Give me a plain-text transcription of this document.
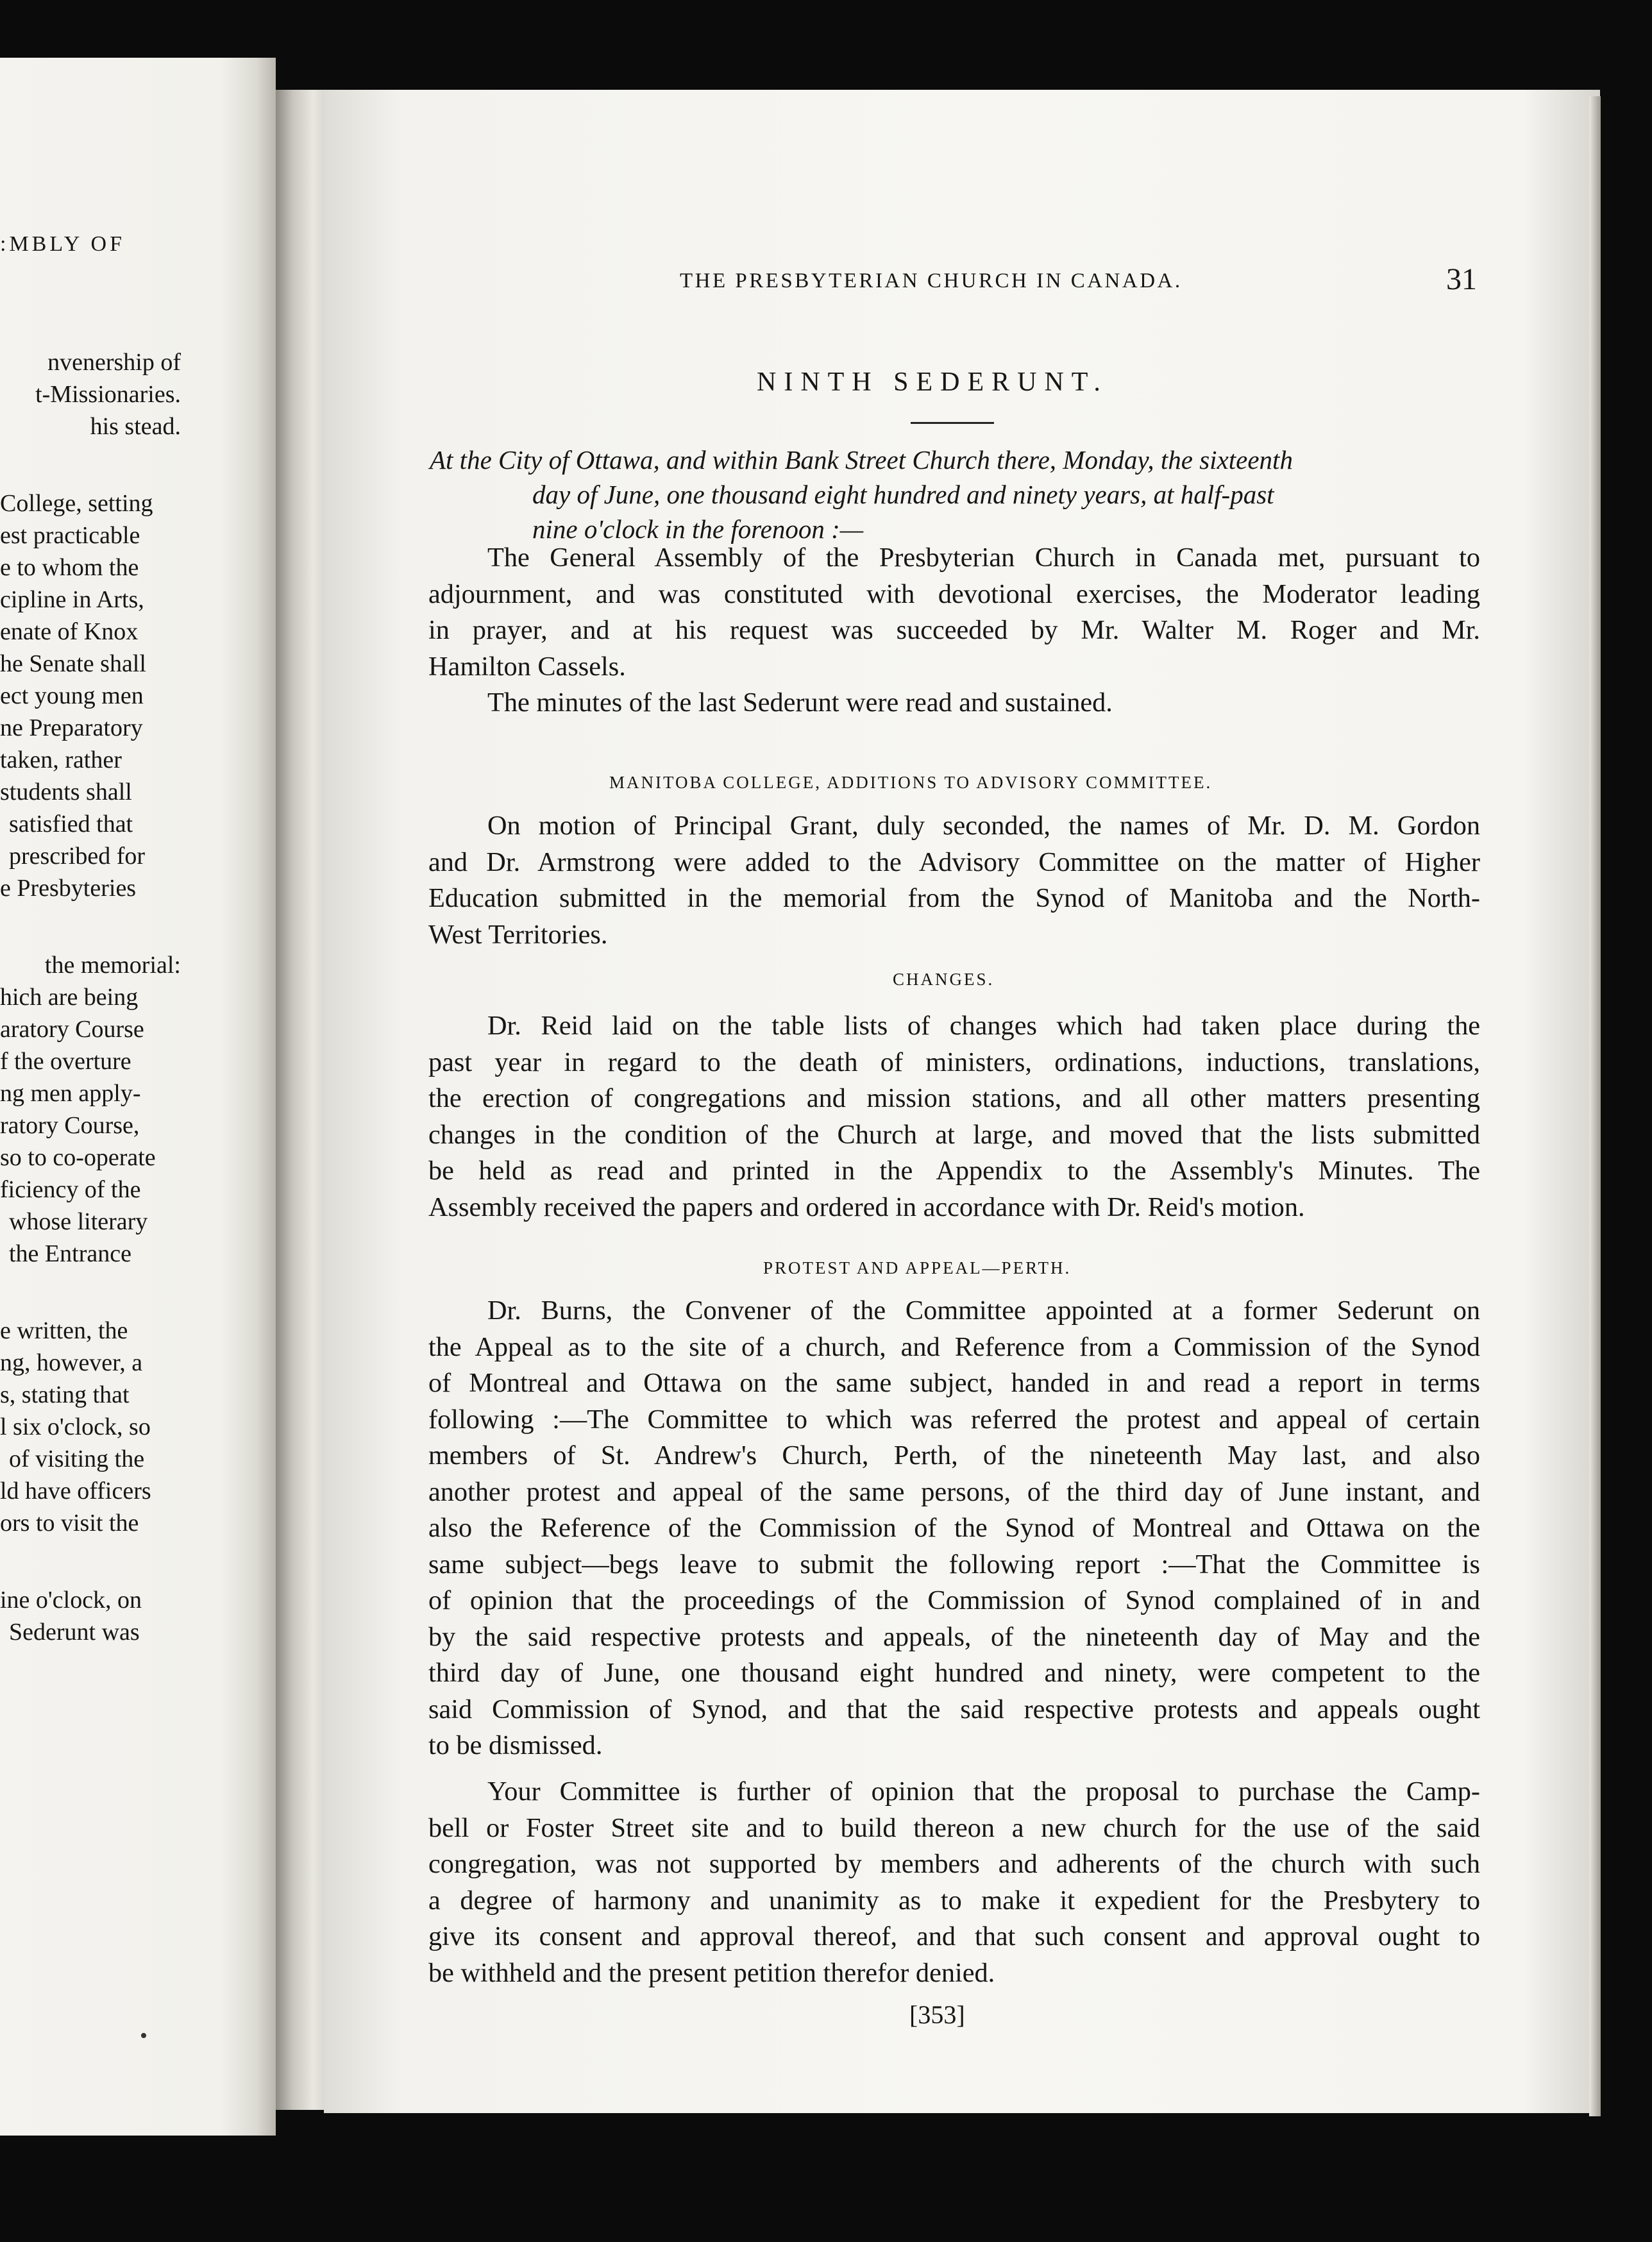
:MBLY OF
nvenership of
t-Missionaries.
his stead.
College, setting
est practicable
e to whom the
cipline in Arts,
enate of Knox
he Senate shall
ect young men
ne Preparatory
taken, rather
students shall
satisfied that
prescribed for
e Presbyteries
the memorial:
hich are being
aratory Course
f the overture
ng men apply-
ratory Course,
so to co-operate
ficiency of the
whose literary
the Entrance
e written, the
ng, however, a
s, stating that
l six o'clock, so
of visiting the
ld have officers
ors to visit the
ine o'clock, on
Sederunt was
THE PRESBYTERIAN CHURCH IN CANADA.	31
NINTH SEDERUNT.
At the City of Ottawa, and within Bank Street Church there, Monday, the sixteenth
day of June, one thousand eight hundred and ninety years, at half-past
nine o'clock in the forenoon :—
The General Assembly of the Presbyterian Church in Canada met, pursuant to
adjournment, and was constituted with devotional exercises, the Moderator leading
in prayer, and at his request was succeeded by Mr. Walter M. Roger and Mr.
Hamilton Cassels.
The minutes of the last Sederunt were read and sustained.
MANITOBA COLLEGE, ADDITIONS TO ADVISORY COMMITTEE.
On motion of Principal Grant, duly seconded, the names of Mr. D. M. Gordon
and Dr. Armstrong were added to the Advisory Committee on the matter of Higher
Education submitted in the memorial from the Synod of Manitoba and the North-
West Territories.
CHANGES.
Dr. Reid laid on the table lists of changes which had taken place during the
past year in regard to the death of ministers, ordinations, inductions, translations,
the erection of congregations and mission stations, and all other matters presenting
changes in the condition of the Church at large, and moved that the lists submitted
be held as read and printed in the Appendix to the Assembly's Minutes. The
Assembly received the papers and ordered in accordance with Dr. Reid's motion.
PROTEST AND APPEAL—PERTH.
Dr. Burns, the Convener of the Committee appointed at a former Sederunt on
the Appeal as to the site of a church, and Reference from a Commission of the Synod
of Montreal and Ottawa on the same subject, handed in and read a report in terms
following :—The Committee to which was referred the protest and appeal of certain
members of St. Andrew's Church, Perth, of the nineteenth May last, and also
another protest and appeal of the same persons, of the third day of June instant, and
also the Reference of the Commission of the Synod of Montreal and Ottawa on the
same subject—begs leave to submit the following report :—That the Committee is
of opinion that the proceedings of the Commission of Synod complained of in and
by the said respective protests and appeals, of the nineteenth day of May and the
third day of June, one thousand eight hundred and ninety, were competent to the
said Commission of Synod, and that the said respective protests and appeals ought
to be dismissed.
Your Committee is further of opinion that the proposal to purchase the Camp-
bell or Foster Street site and to build thereon a new church for the use of the said
congregation, was not supported by members and adherents of the church with such
a degree of harmony and unanimity as to make it expedient for the Presbytery to
give its consent and approval thereof, and that such consent and approval ought to
be withheld and the present petition therefor denied.
[353]
